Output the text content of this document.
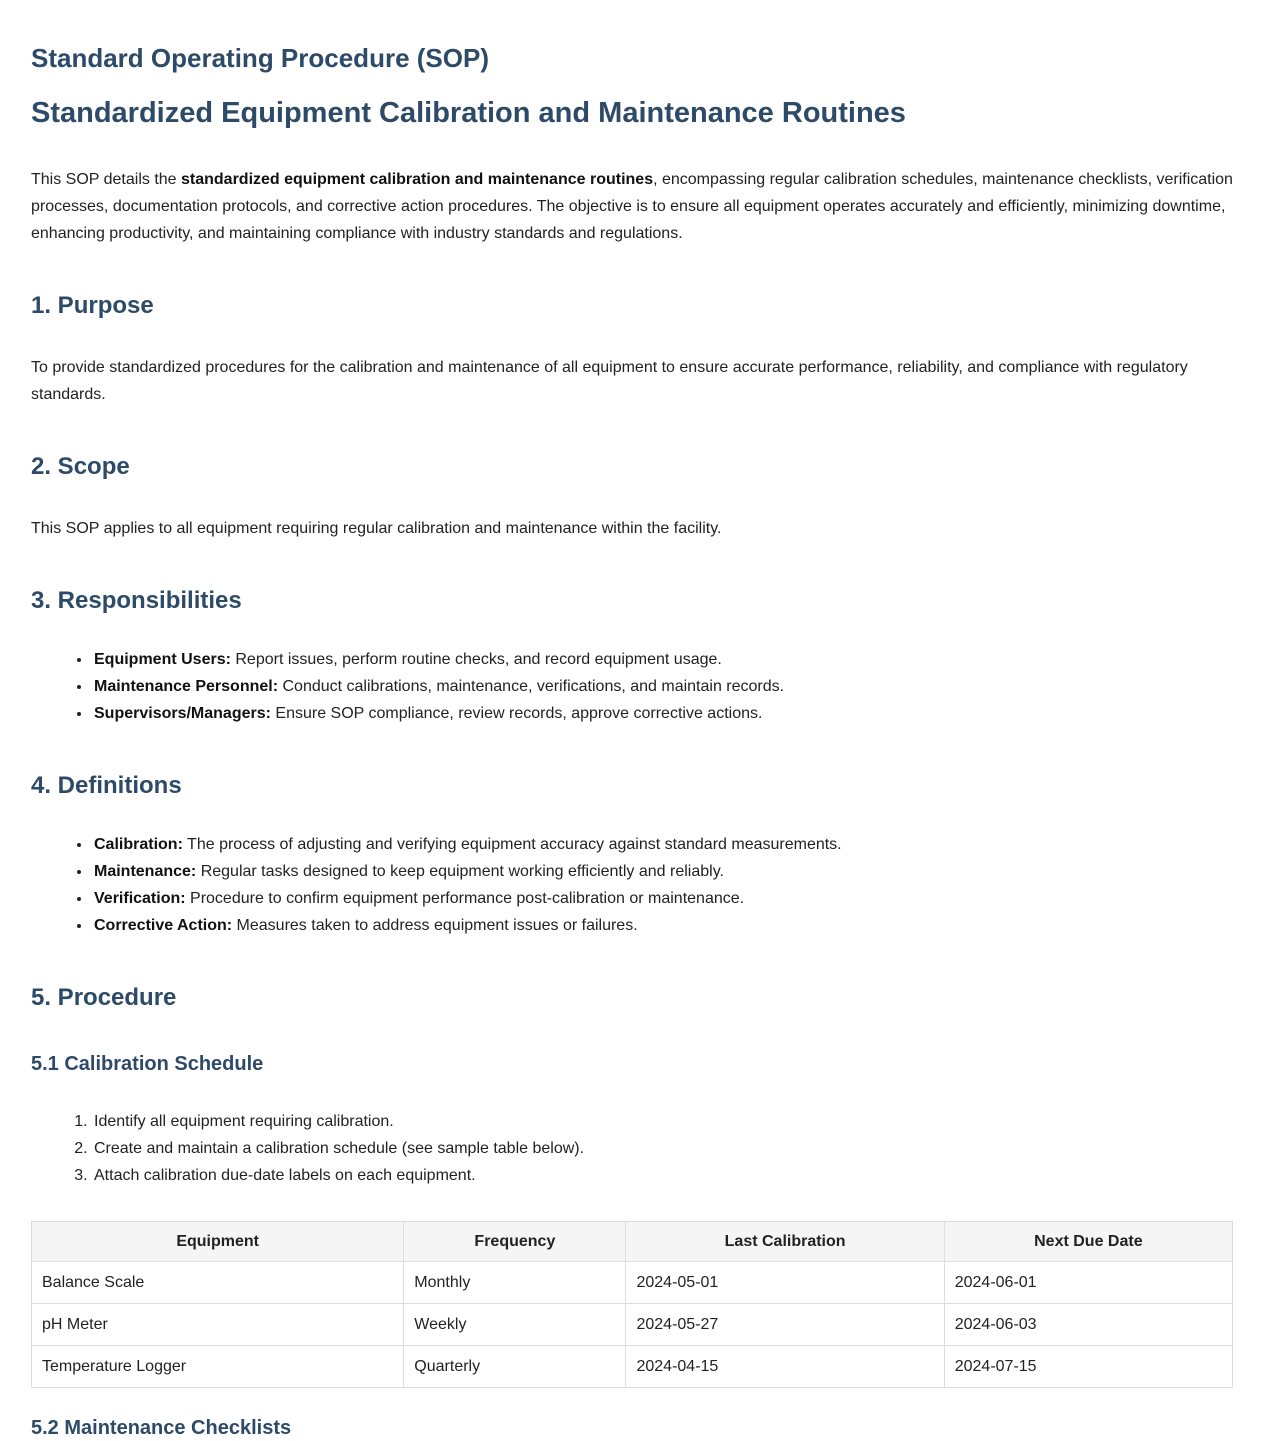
Standard Operating Procedure (SOP)
Standardized Equipment Calibration and Maintenance Routines

This SOP details the standardized equipment calibration and maintenance routines, encompassing regular calibration schedules, maintenance checklists, verification processes, documentation protocols, and corrective action procedures. The objective is to ensure all equipment operates accurately and efficiently, minimizing downtime, enhancing productivity, and maintaining compliance with industry standards and regulations.

1. Purpose

To provide standardized procedures for the calibration and maintenance of all equipment to ensure accurate performance, reliability, and compliance with regulatory standards.

2. Scope

This SOP applies to all equipment requiring regular calibration and maintenance within the facility.

3. Responsibilities
• Equipment Users: Report issues, perform routine checks, and record equipment usage.
• Maintenance Personnel: Conduct calibrations, maintenance, verifications, and maintain records.
• Supervisors/Managers: Ensure SOP compliance, review records, approve corrective actions.
4. Definitions
• Calibration: The process of adjusting and verifying equipment accuracy against standard measurements.
• Maintenance: Regular tasks designed to keep equipment working efficiently and reliably.
• Verification: Procedure to confirm equipment performance post-calibration or maintenance.
• Corrective Action: Measures taken to address equipment issues or failures.
5. Procedure
5.1 Calibration Schedule
1. Identify all equipment requiring calibration.
2. Create and maintain a calibration schedule (see sample table below).
3. Attach calibration due-date labels on each equipment.
Equipment	Frequency	Last Calibration	Next Due Date
Balance Scale	Monthly	2024-05-01	2024-06-01
pH Meter	Weekly	2024-05-27	2024-06-03
Temperature Logger	Quarterly	2024-04-15	2024-07-15
5.2 Maintenance Checklists
